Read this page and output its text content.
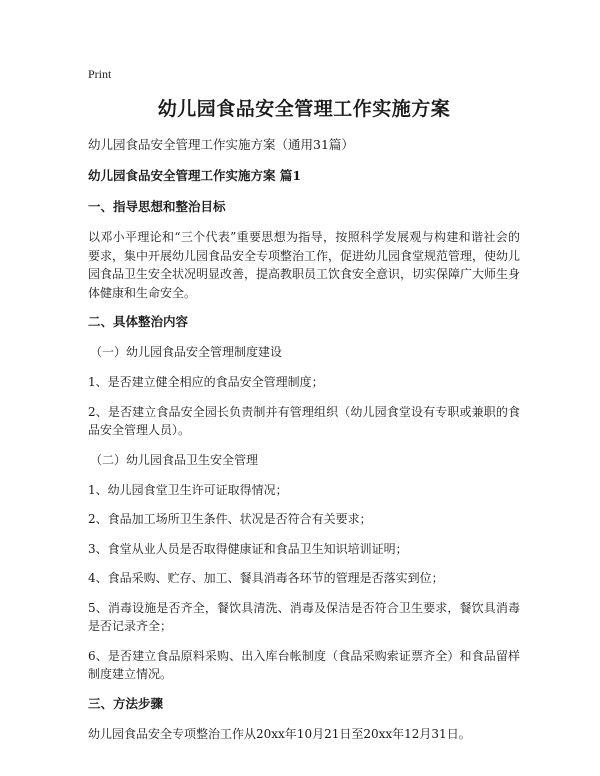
Print
幼儿园食品安全管理工作实施方案
幼儿园食品安全管理工作实施方案（通用31篇）
幼儿园食品安全管理工作实施方案 篇1
一、指导思想和整治目标
以邓小平理论和“三个代表”重要思想为指导，按照科学发展观与构建和谐社会的要求，集中开展幼儿园食品安全专项整治工作，促进幼儿园食堂规范管理，使幼儿园食品卫生安全状况明显改善，提高教职员工饮食安全意识，切实保障广大师生身体健康和生命安全。
二、具体整治内容
（一）幼儿园食品安全管理制度建设
1、是否建立健全相应的食品安全管理制度；
2、是否建立食品安全园长负责制并有管理组织（幼儿园食堂设有专职或兼职的食品安全管理人员）。
（二）幼儿园食品卫生安全管理
1、幼儿园食堂卫生许可证取得情况；
2、食品加工场所卫生条件、状况是否符合有关要求；
3、食堂从业人员是否取得健康证和食品卫生知识培训证明；
4、食品采购、贮存、加工、餐具消毒各环节的管理是否落实到位；
5、消毒设施是否齐全，餐饮具清洗、消毒及保洁是否符合卫生要求，餐饮具消毒是否记录齐全；
6、是否建立食品原料采购、出入库台帐制度（食品采购索证票齐全）和食品留样制度建立情况。
三、方法步骤
幼儿园食品安全专项整治工作从20xx年10月21日至20xx年12月31日。
